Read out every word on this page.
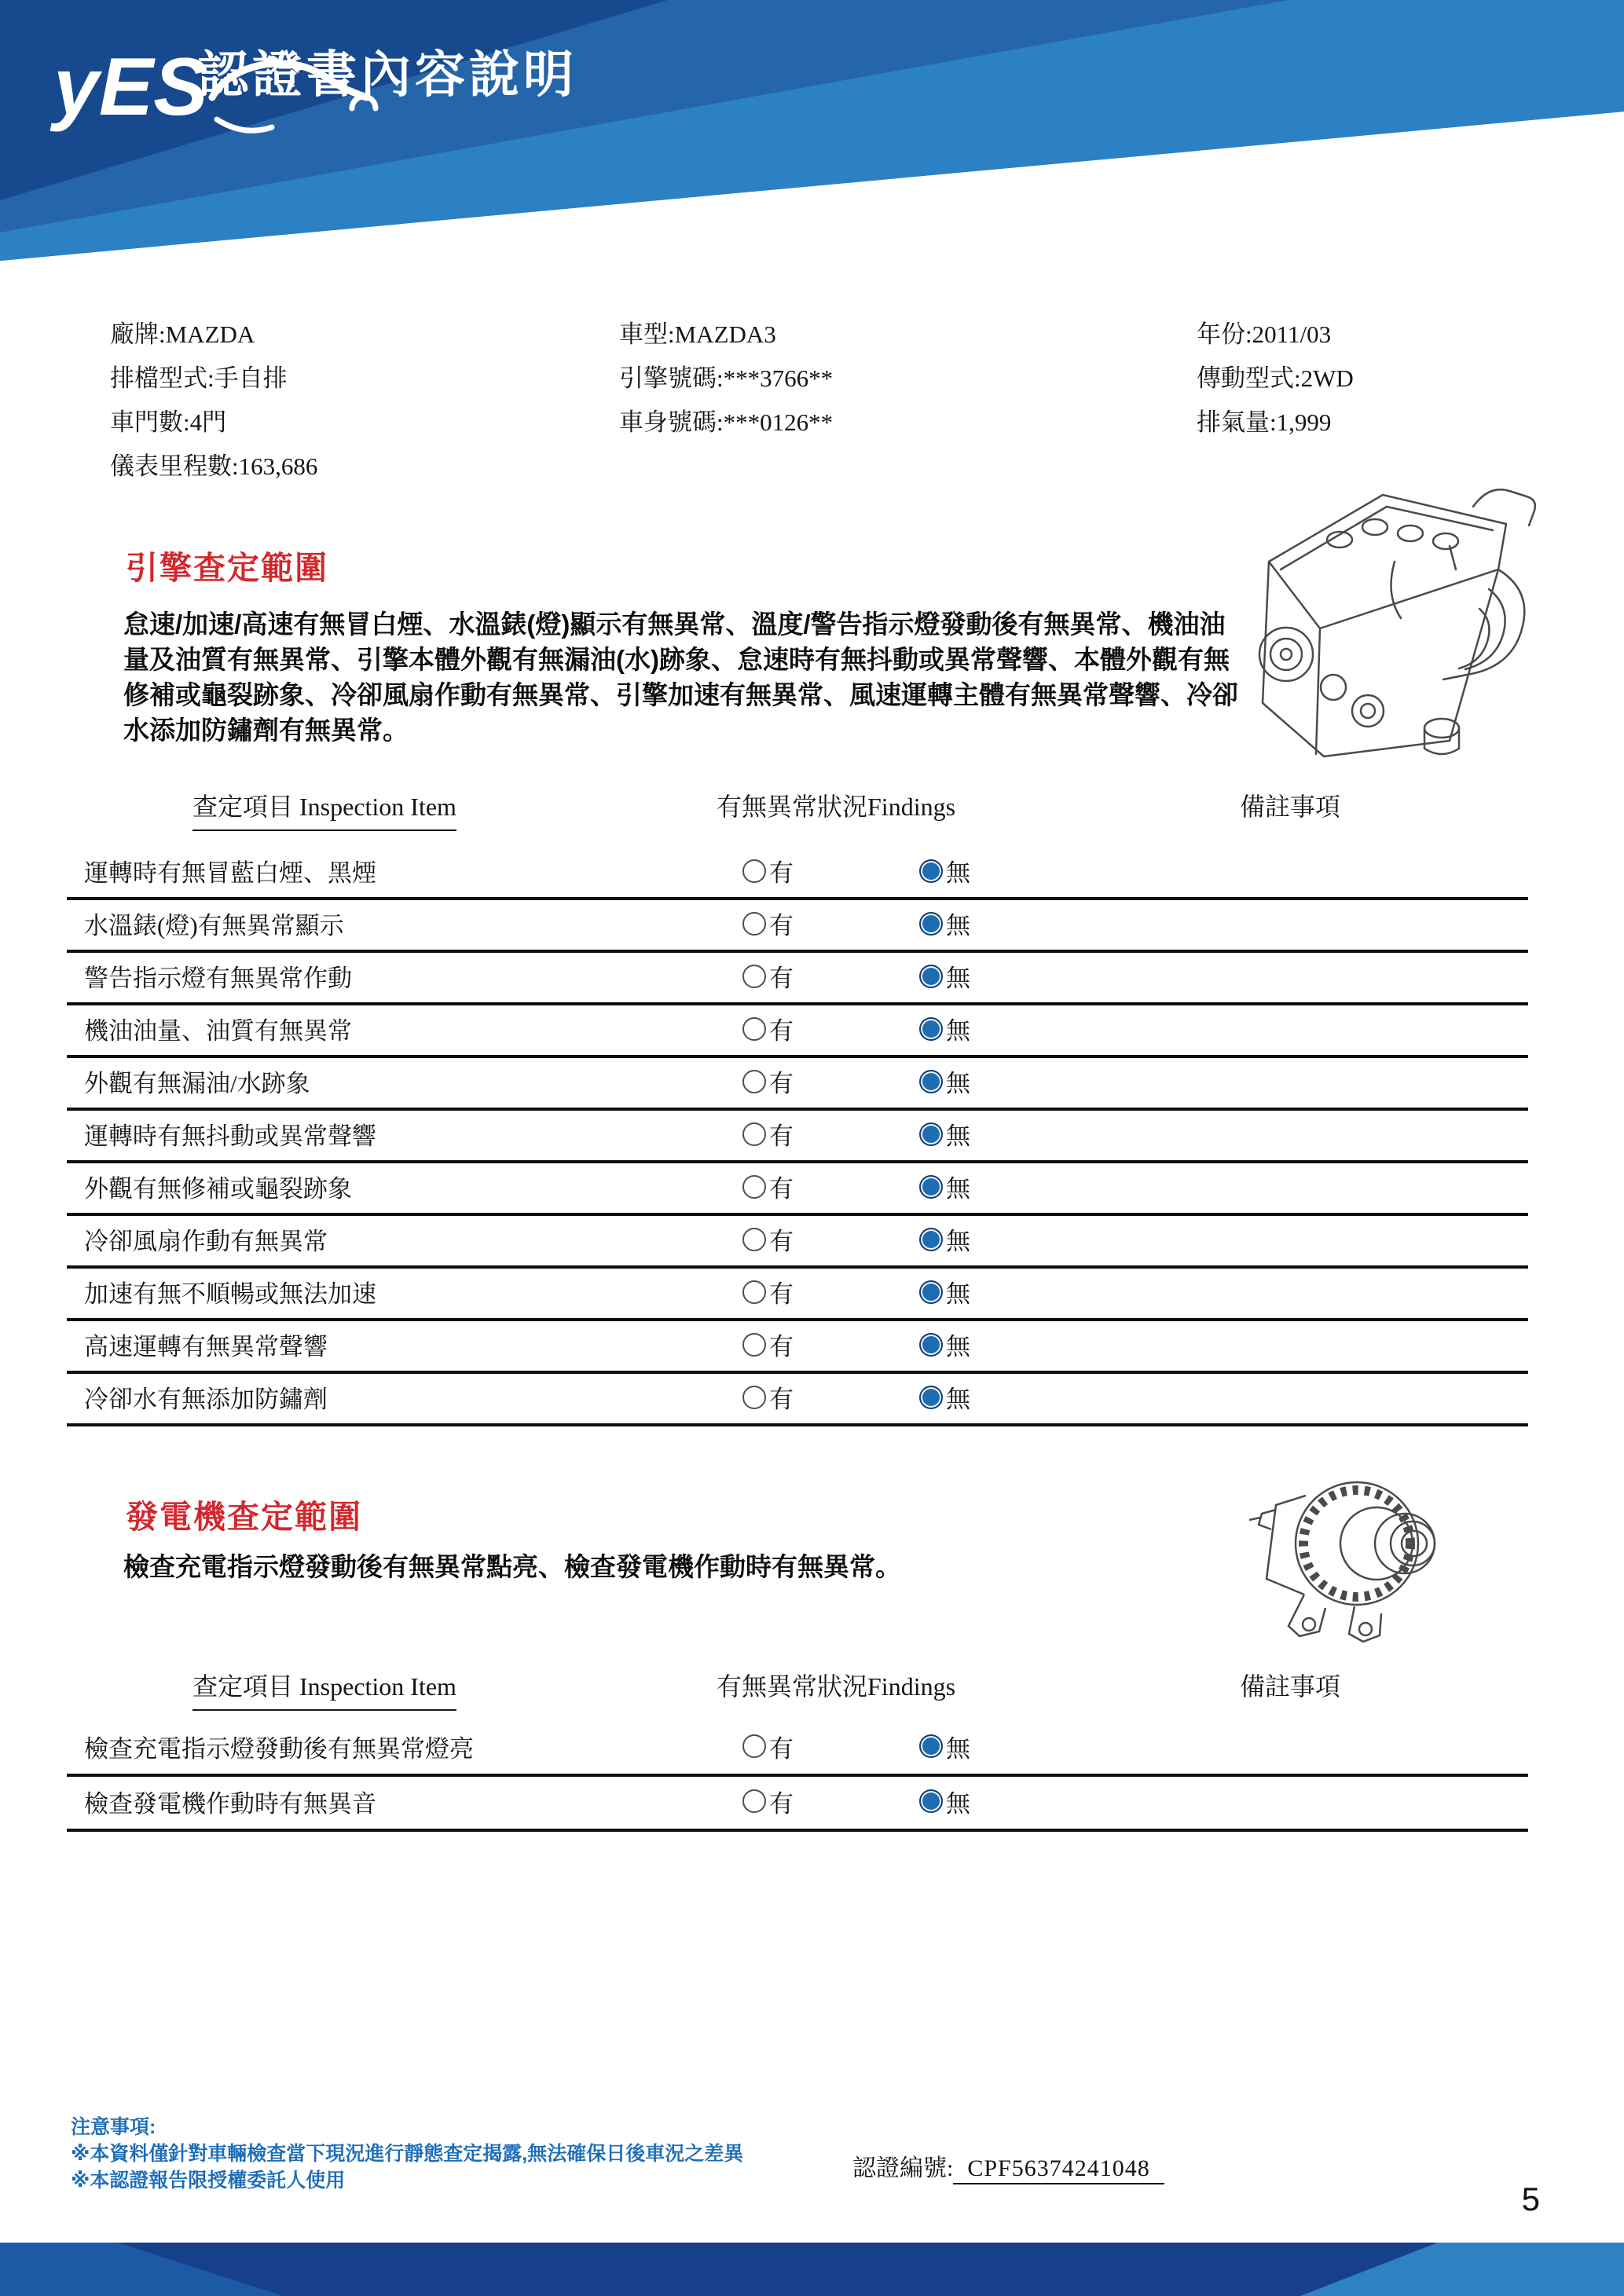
yES
認證書內容說明
廠牌:MAZDA
排檔型式:手自排
車門數:4門
儀表里程數:163,686
車型:MAZDA3
引擎號碼:***3766**
車身號碼:***0126**
年份:2011/03
傳動型式:2WD
排氣量:1,999
引擎查定範圍
怠速/加速/高速有無冒白煙、水溫錶(燈)顯示有無異常、溫度/警告指示燈發動後有無異常、機油油量及油質有無異常、引擎本體外觀有無漏油(水)跡象、怠速時有無抖動或異常聲響、本體外觀有無修補或龜裂跡象、冷卻風扇作動有無異常、引擎加速有無異常、風速運轉主體有無異常聲響、冷卻水添加防鏽劑有無異常。
查定項目 Inspection Item	有無異常狀況Findings	備註事項
運轉時有無冒藍白煙、黑煙	有	無
水溫錶(燈)有無異常顯示	有	無
警告指示燈有無異常作動	有	無
機油油量、油質有無異常	有	無
外觀有無漏油/水跡象	有	無
運轉時有無抖動或異常聲響	有	無
外觀有無修補或龜裂跡象	有	無
冷卻風扇作動有無異常	有	無
加速有無不順暢或無法加速	有	無
高速運轉有無異常聲響	有	無
冷卻水有無添加防鏽劑	有	無
發電機查定範圍
檢查充電指示燈發動後有無異常點亮、檢查發電機作動時有無異常。
查定項目 Inspection Item	有無異常狀況Findings	備註事項
檢查充電指示燈發動後有無異常燈亮	有	無
檢查發電機作動時有無異音	有	無
注意事項:
※本資料僅針對車輛檢查當下現況進行靜態查定揭露,無法確保日後車況之差異
※本認證報告限授權委託人使用	認證編號: CPF56374241048
5
